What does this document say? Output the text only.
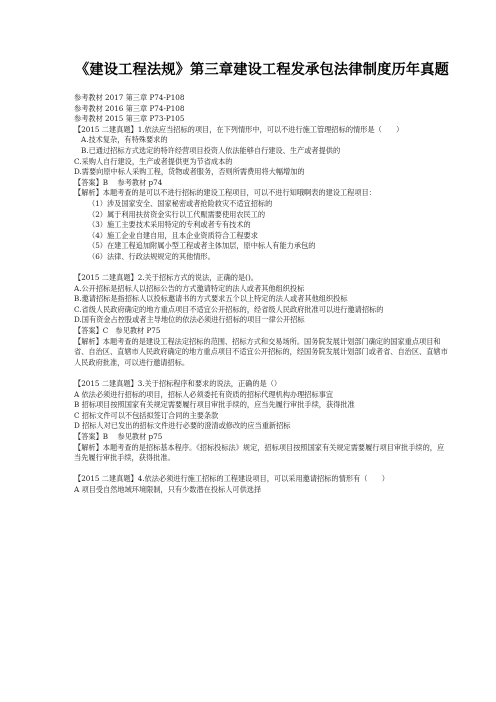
《建设工程法规》第三章建设工程发承包法律制度历年真题

参考教材 2017 第三章 P74-P108

参考教材 2016 第三章 P74-P108

参考教材 2015 第三章 P73-P105

【2015 二建真题】1.依法应当招标的项目，在下列情形中，可以不进行施工管理招标的情形是（　　）

A.技术复杂，有特殊要求的

B.已通过招标方式选定的特许经营项目投资人依法能够自行建设、生产或者提供的

C.采购人自行建设，生产或者提供更为节省成本的

D.需要向原中标人采购工程，货物或者服务，否则所需费用将大幅增加的

【答案】B　 参考教材 p74

【解析】本题考查的是可以不进行招标的建设工程项目，可以不进行知哦啊表的建设工程项目：

（1）涉及国家安全、国家秘密或者抢险救灾不适宜招标的

（2）属于利用扶贫资金实行以工代赈需要使用农民工的

（3）施工主要技术采用特定的专利或者专有技术的

（4）施工企业自建自用，且本企业资质符合工程要求

（5）在建工程追加附属小型工程或者主体加层，原中标人有能力承包的

（6）法律、行政法规规定的其他情形。

【2015 二建真题】2.关于招标方式的说法，正确的是()。

A.公开招标是招标人以招标公告的方式邀请特定的法人或者其他组织投标

B.邀请招标是指招标人以投标邀请书的方式要求五个以上特定的法人或者其他组织投标

C.省级人民政府确定的地方重点项目不适宜公开招标的，经省级人民政府批准可以进行邀请招标的

D.国有资金占控股或者主导地位的依法必须进行招标的项目一律公开招标

【答案】C　参见教材 P75

【解析】本题考查的是建设工程法定招标的范围、招标方式和交易场所。国务院发展计划部门确定的国家重点项目和省、自治区、直辖市人民政府确定的地方重点项目不适宜公开招标的，经国务院发展计划部门或者省、自治区、直辖市人民政府批准，可以进行邀请招标。

【2015 二建真题】3.关于招标程序和要求的说法，正确的是（）

A 依法必须进行招标的项目，招标人必须委托有资质的招标代理机构办理招标事宜

B 招标项目按照国家有关规定需要履行项目审批手续的，应当先履行审批手续，获得批准

C 招标文件可以不包括拟签订合同的主要条款

D 招标人对已发出的招标文件进行必要的澄清或修改的应当重新招标

【答案】B　 参见教材 p75

【解析】本题考查的是招标基本程序。《招标投标法》规定，招标项目按照国家有关规定需要履行项目审批手续的，应当先履行审批手续，获得批准。

【2015 二建真题】4.依法必须进行施工招标的工程建设项目，可以采用邀请招标的情形有（　　）

A 项目受自然地域环境限制，只有少数潜在投标人可供选择
